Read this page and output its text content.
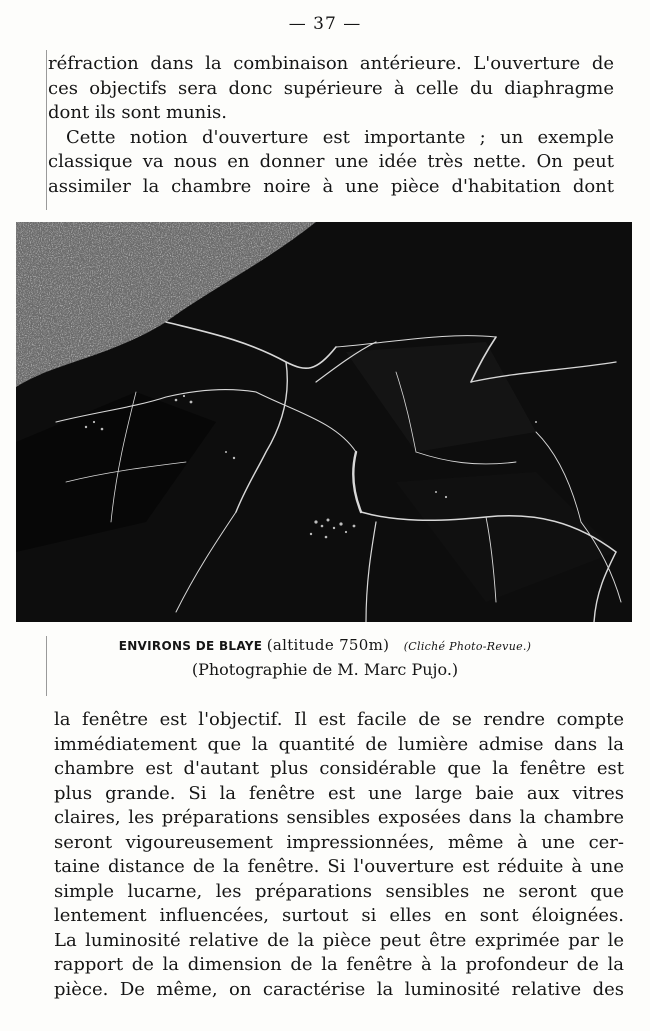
— 37 —
réfraction dans la combinaison antérieure. L'ouverture de
ces objectifs sera donc supérieure à celle du diaphragme
dont ils sont munis.
Cette notion d'ouverture est importante ; un exemple
classique va nous en donner une idée très nette. On peut
assimiler la chambre noire à une pièce d'habitation dont
ENVIRONS DE BLAYE (altitude 750m) (Cliché Photo-Revue.)
(Photographie de M. Marc Pujo.)
la fenêtre est l'objectif. Il est facile de se rendre compte
immédiatement que la quantité de lumière admise dans la
chambre est d'autant plus considérable que la fenêtre est
plus grande. Si la fenêtre est une large baie aux vitres
claires, les préparations sensibles exposées dans la chambre
seront vigoureusement impressionnées, même à une cer-
taine distance de la fenêtre. Si l'ouverture est réduite à une
simple lucarne, les préparations sensibles ne seront que
lentement influencées, surtout si elles en sont éloignées.
La luminosité relative de la pièce peut être exprimée par le
rapport de la dimension de la fenêtre à la profondeur de la
pièce. De même, on caractérise la luminosité relative des
